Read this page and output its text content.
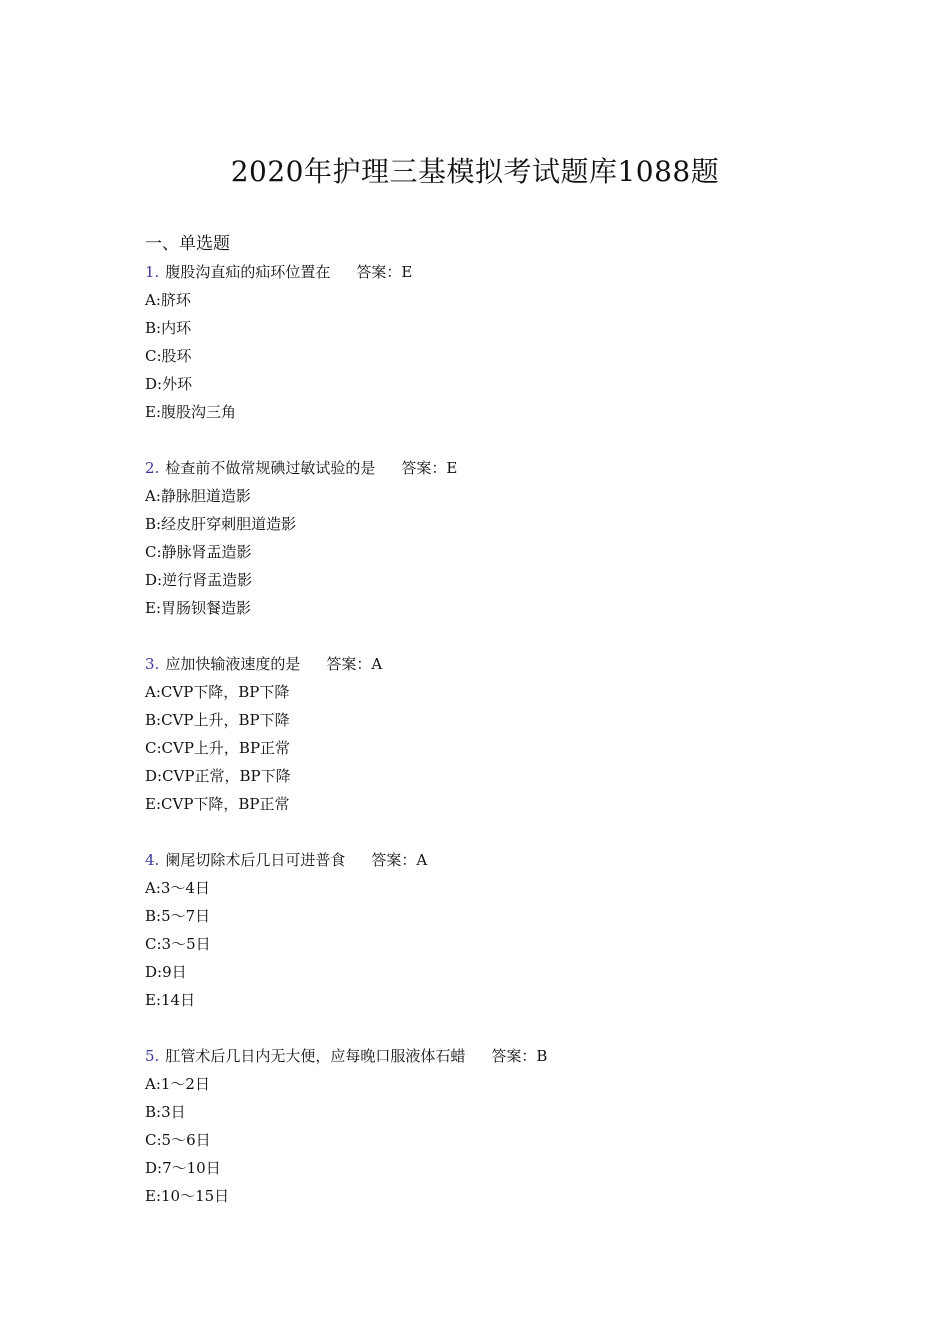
2020年护理三基模拟考试题库1088题
一、单选题
1. 腹股沟直疝的疝环位置在 答案：E
A:脐环
B:内环
C:股环
D:外环
E:腹股沟三角
2. 检查前不做常规碘过敏试验的是 答案：E
A:静脉胆道造影
B:经皮肝穿刺胆道造影
C:静脉肾盂造影
D:逆行肾盂造影
E:胃肠钡餐造影
3. 应加快输液速度的是 答案：A
A:CVP下降，BP下降
B:CVP上升，BP下降
C:CVP上升，BP正常
D:CVP正常，BP下降
E:CVP下降，BP正常
4. 阑尾切除术后几日可进普食 答案：A
A:3～4日
B:5～7日
C:3～5日
D:9日
E:14日
5. 肛管术后几日内无大便，应每晚口服液体石蜡 答案：B
A:1～2日
B:3日
C:5～6日
D:7～10日
E:10～15日
